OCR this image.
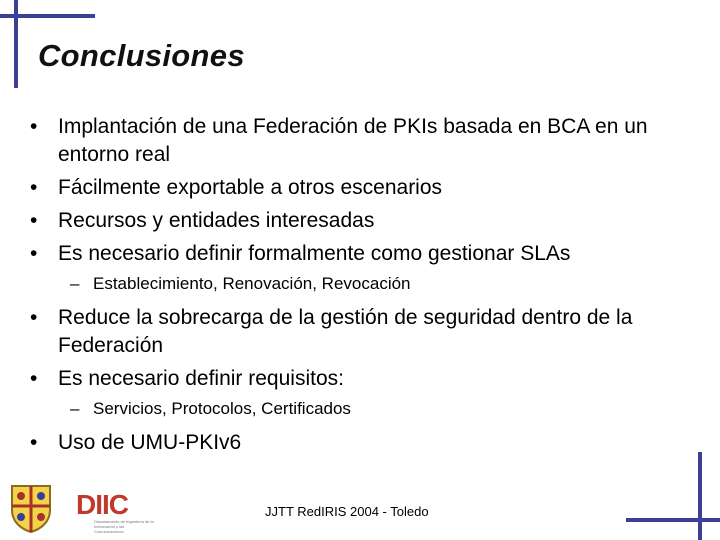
Conclusiones
• Implantación de una Federación de PKIs basada en BCA en un entorno real
• Fácilmente exportable a otros escenarios
• Recursos y entidades interesadas
• Es necesario definir formalmente como gestionar SLAs
– Establecimiento, Renovación, Revocación
• Reduce la sobrecarga de la gestión de seguridad dentro de la Federación
• Es necesario definir requisitos:
– Servicios, Protocolos, Certificados
• Uso de UMU-PKIv6
DIIC
Departamento de Ingeniería de la Información y las Comunicaciones
JJTT RedIRIS 2004 - Toledo
